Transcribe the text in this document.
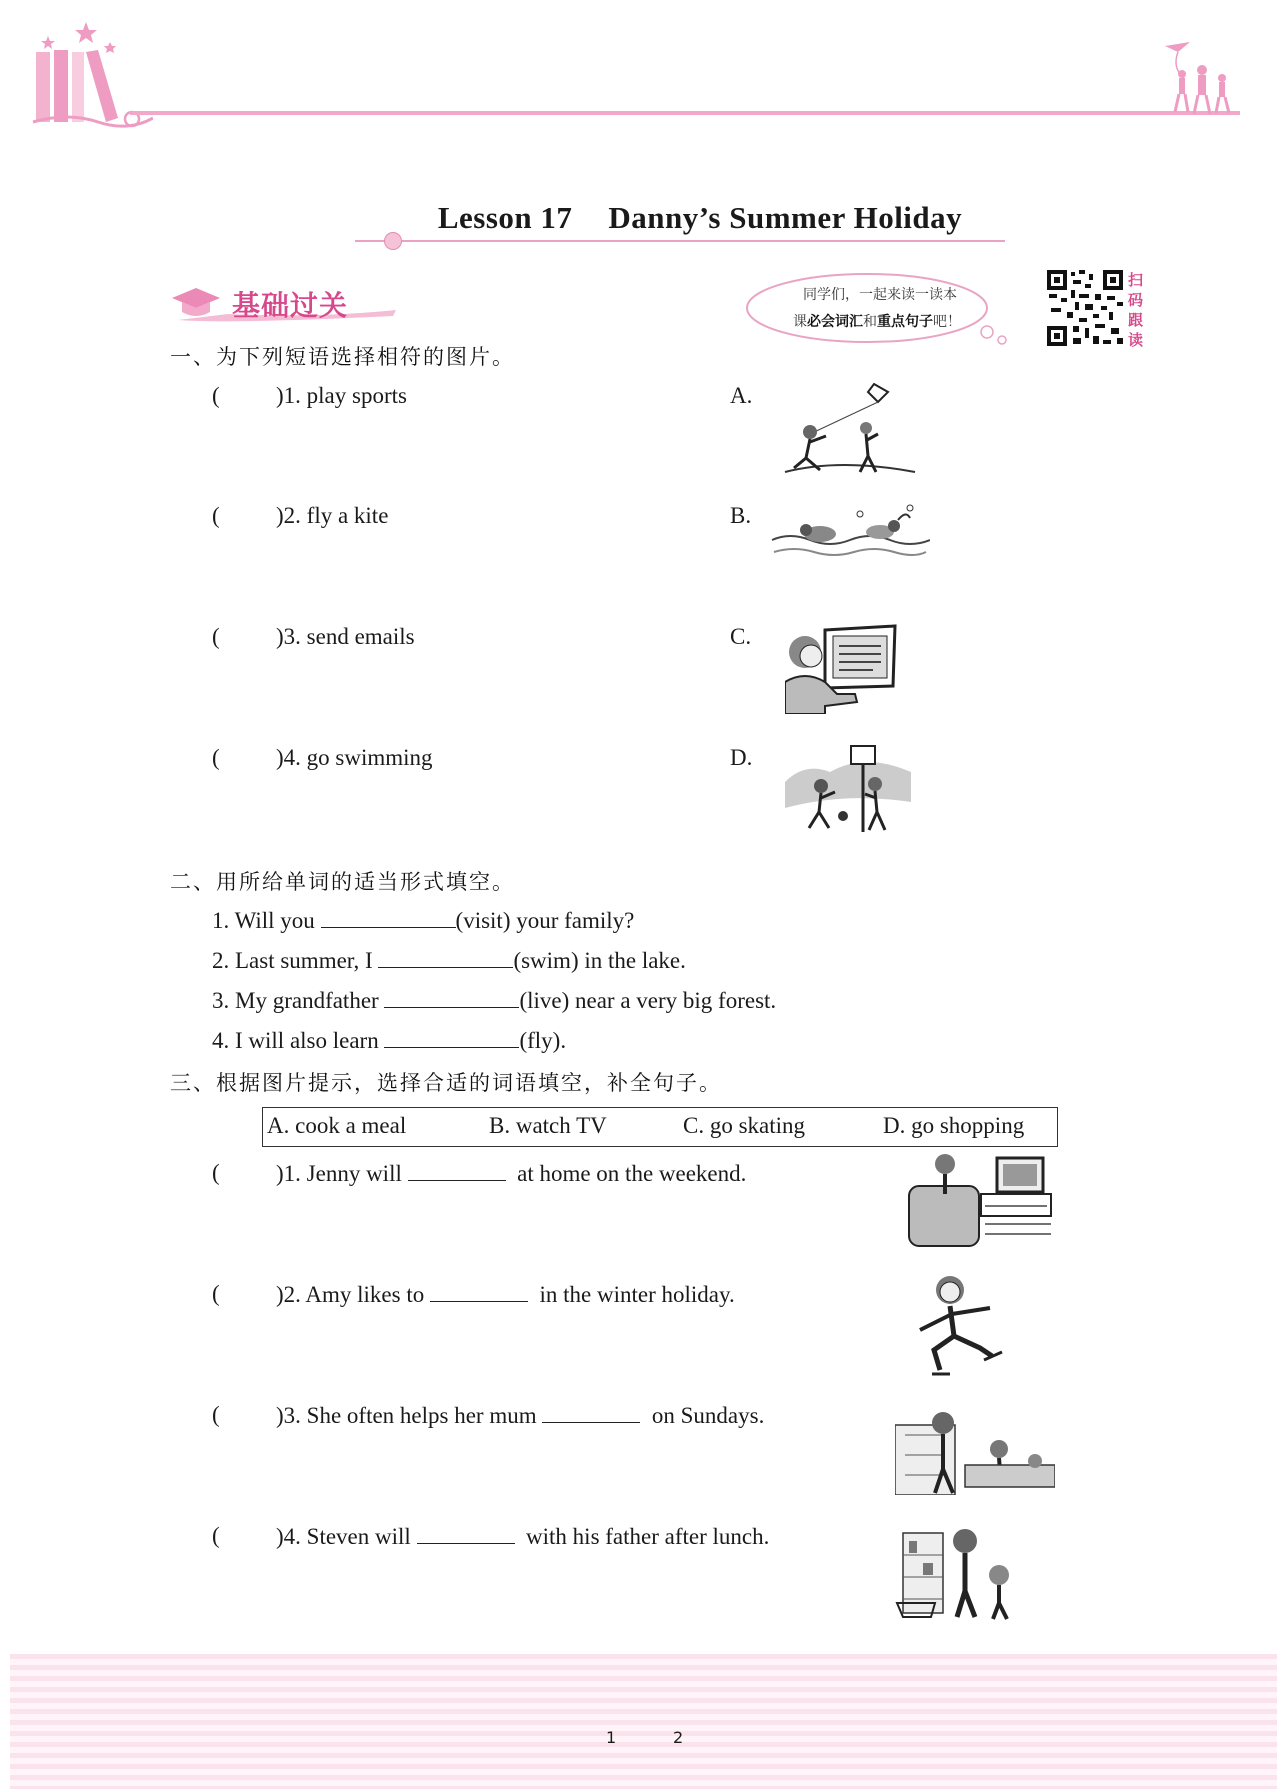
Lesson 17 Danny’s Summer Holiday
基础过关	同学们，一起来读一读本
课必会词汇和重点句子吧！
扫
码
跟
读
一、为下列短语选择相符的图片。
( )1. play sports	A.
( )2. fly a kite	B.
( )3. send emails	C.
( )4. go swimming	D.
二、用所给单词的适当形式填空。
1. Will you	(visit) your family?
2. Last summer, I	(swim) in the lake.
3. My grandfather	(live) near a very big forest.
4. I will also learn	(fly).
三、根据图片提示，选择合适的词语填空，补全句子。
A. cook a meal	B. watch TV	C. go skating	D. go shopping
( )1. Jenny will	at home on the weekend.
( )2. Amy likes to	in the winter holiday.
( )3. She often helps her mum	on Sundays.
( )4. Steven will	with his father after lunch.
1	2
